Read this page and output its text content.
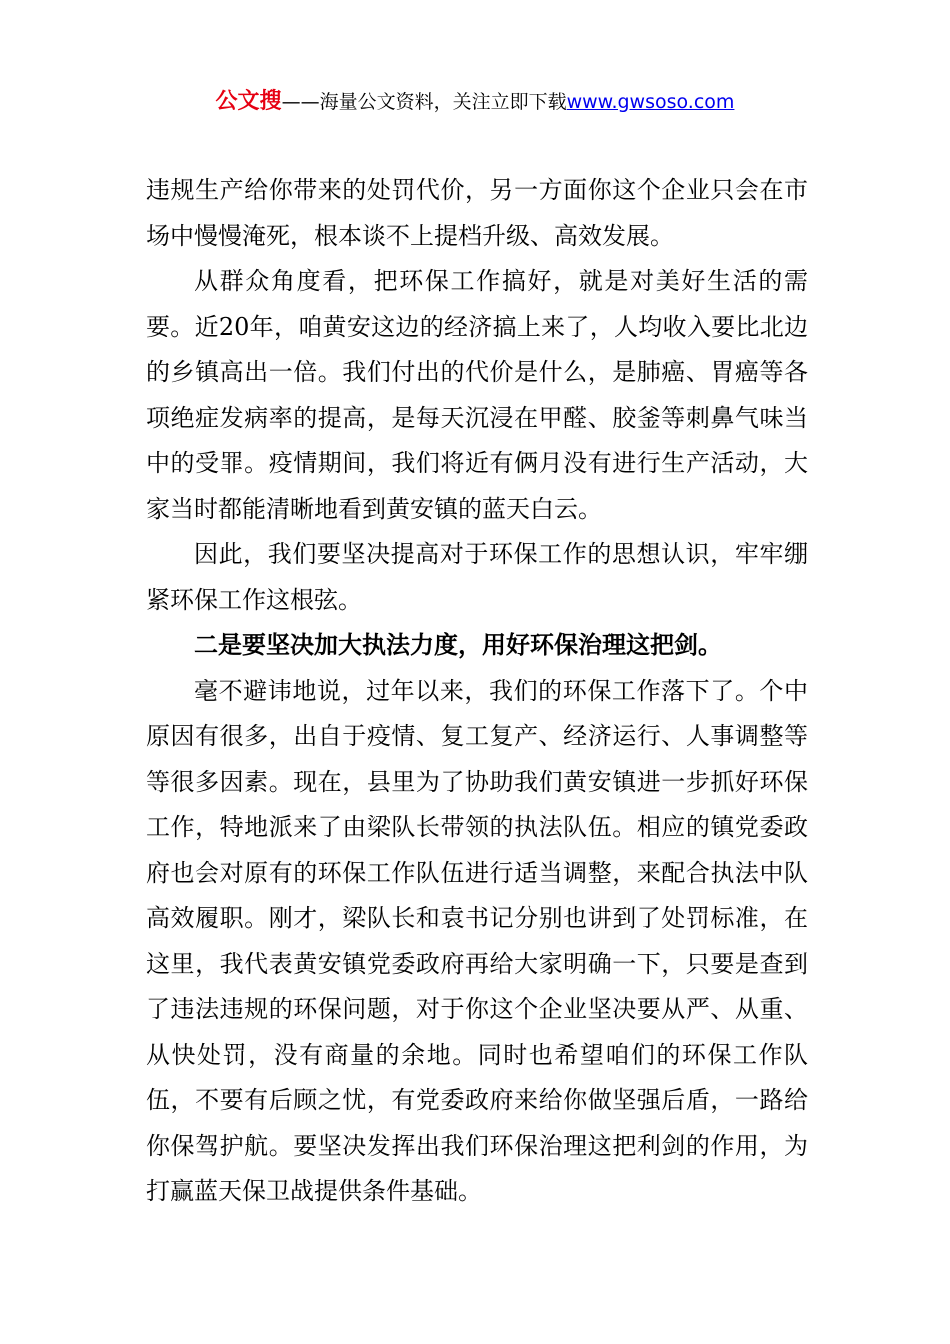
公文搜——海量公文资料，关注立即下载www.gwsoso.com

违规生产给你带来的处罚代价，另一方面你这个企业只会在市场中慢慢淹死，根本谈不上提档升级、高效发展。

从群众角度看，把环保工作搞好，就是对美好生活的需要。近20年，咱黄安这边的经济搞上来了，人均收入要比北边的乡镇高出一倍。我们付出的代价是什么，是肺癌、胃癌等各项绝症发病率的提高，是每天沉浸在甲醛、胶釜等刺鼻气味当中的受罪。疫情期间，我们将近有俩月没有进行生产活动，大家当时都能清晰地看到黄安镇的蓝天白云。

因此，我们要坚决提高对于环保工作的思想认识，牢牢绷紧环保工作这根弦。

二是要坚决加大执法力度，用好环保治理这把剑。

毫不避讳地说，过年以来，我们的环保工作落下了。个中原因有很多，出自于疫情、复工复产、经济运行、人事调整等等很多因素。现在，县里为了协助我们黄安镇进一步抓好环保工作，特地派来了由梁队长带领的执法队伍。相应的镇党委政府也会对原有的环保工作队伍进行适当调整，来配合执法中队高效履职。刚才，梁队长和袁书记分别也讲到了处罚标准，在这里，我代表黄安镇党委政府再给大家明确一下，只要是查到了违法违规的环保问题，对于你这个企业坚决要从严、从重、从快处罚，没有商量的余地。同时也希望咱们的环保工作队伍，不要有后顾之忧，有党委政府来给你做坚强后盾，一路给你保驾护航。要坚决发挥出我们环保治理这把利剑的作用，为打赢蓝天保卫战提供条件基础。
